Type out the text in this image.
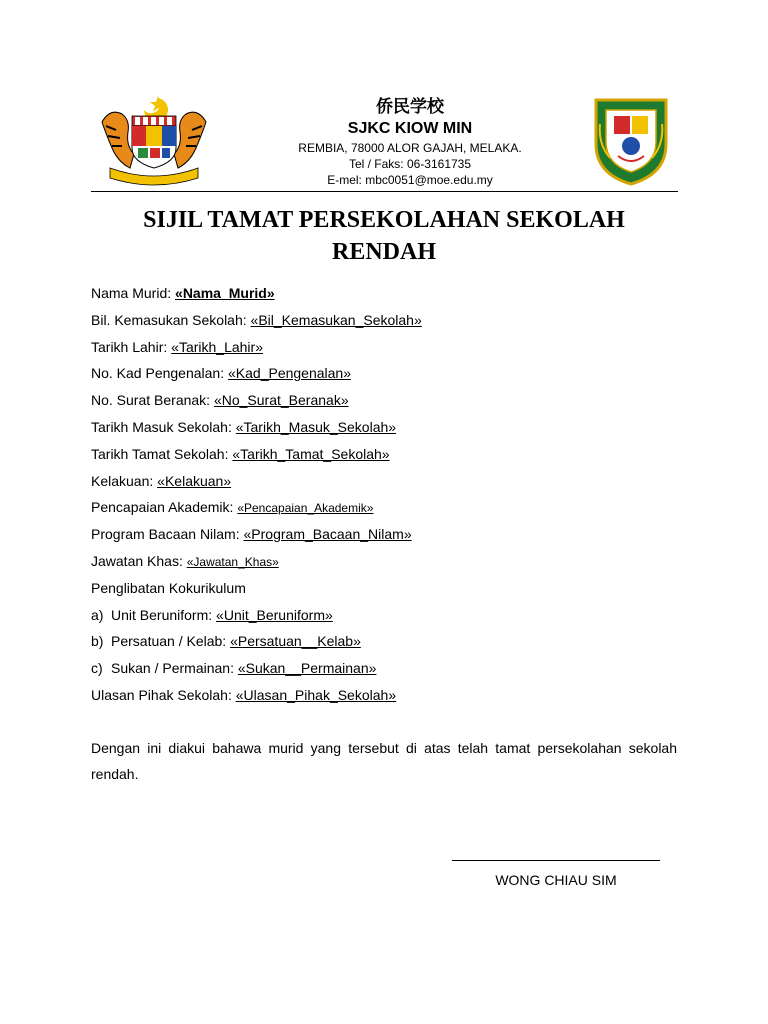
侨民学校
SJKC KIOW MIN
REMBIA, 78000 ALOR GAJAH, MELAKA.
Tel / Faks: 06-3161735
E-mel: mbc0051@moe.edu.my
SIJIL TAMAT PERSEKOLAHAN SEKOLAH RENDAH
Nama Murid: «Nama_Murid»
Bil. Kemasukan Sekolah: «Bil_Kemasukan_Sekolah»
Tarikh Lahir: «Tarikh_Lahir»
No. Kad Pengenalan: «Kad_Pengenalan»
No. Surat Beranak: «No_Surat_Beranak»
Tarikh Masuk Sekolah: «Tarikh_Masuk_Sekolah»
Tarikh Tamat Sekolah: «Tarikh_Tamat_Sekolah»
Kelakuan: «Kelakuan»
Pencapaian Akademik: «Pencapaian_Akademik»
Program Bacaan Nilam: «Program_Bacaan_Nilam»
Jawatan Khas: «Jawatan_Khas»
Penglibatan Kokurikulum
a) Unit Beruniform: «Unit_Beruniform»
b) Persatuan / Kelab: «Persatuan__Kelab»
c) Sukan / Permainan: «Sukan__Permainan»
Ulasan Pihak Sekolah: «Ulasan_Pihak_Sekolah»
Dengan ini diakui bahawa murid yang tersebut di atas telah tamat persekolahan sekolah rendah.
WONG CHIAU SIM
